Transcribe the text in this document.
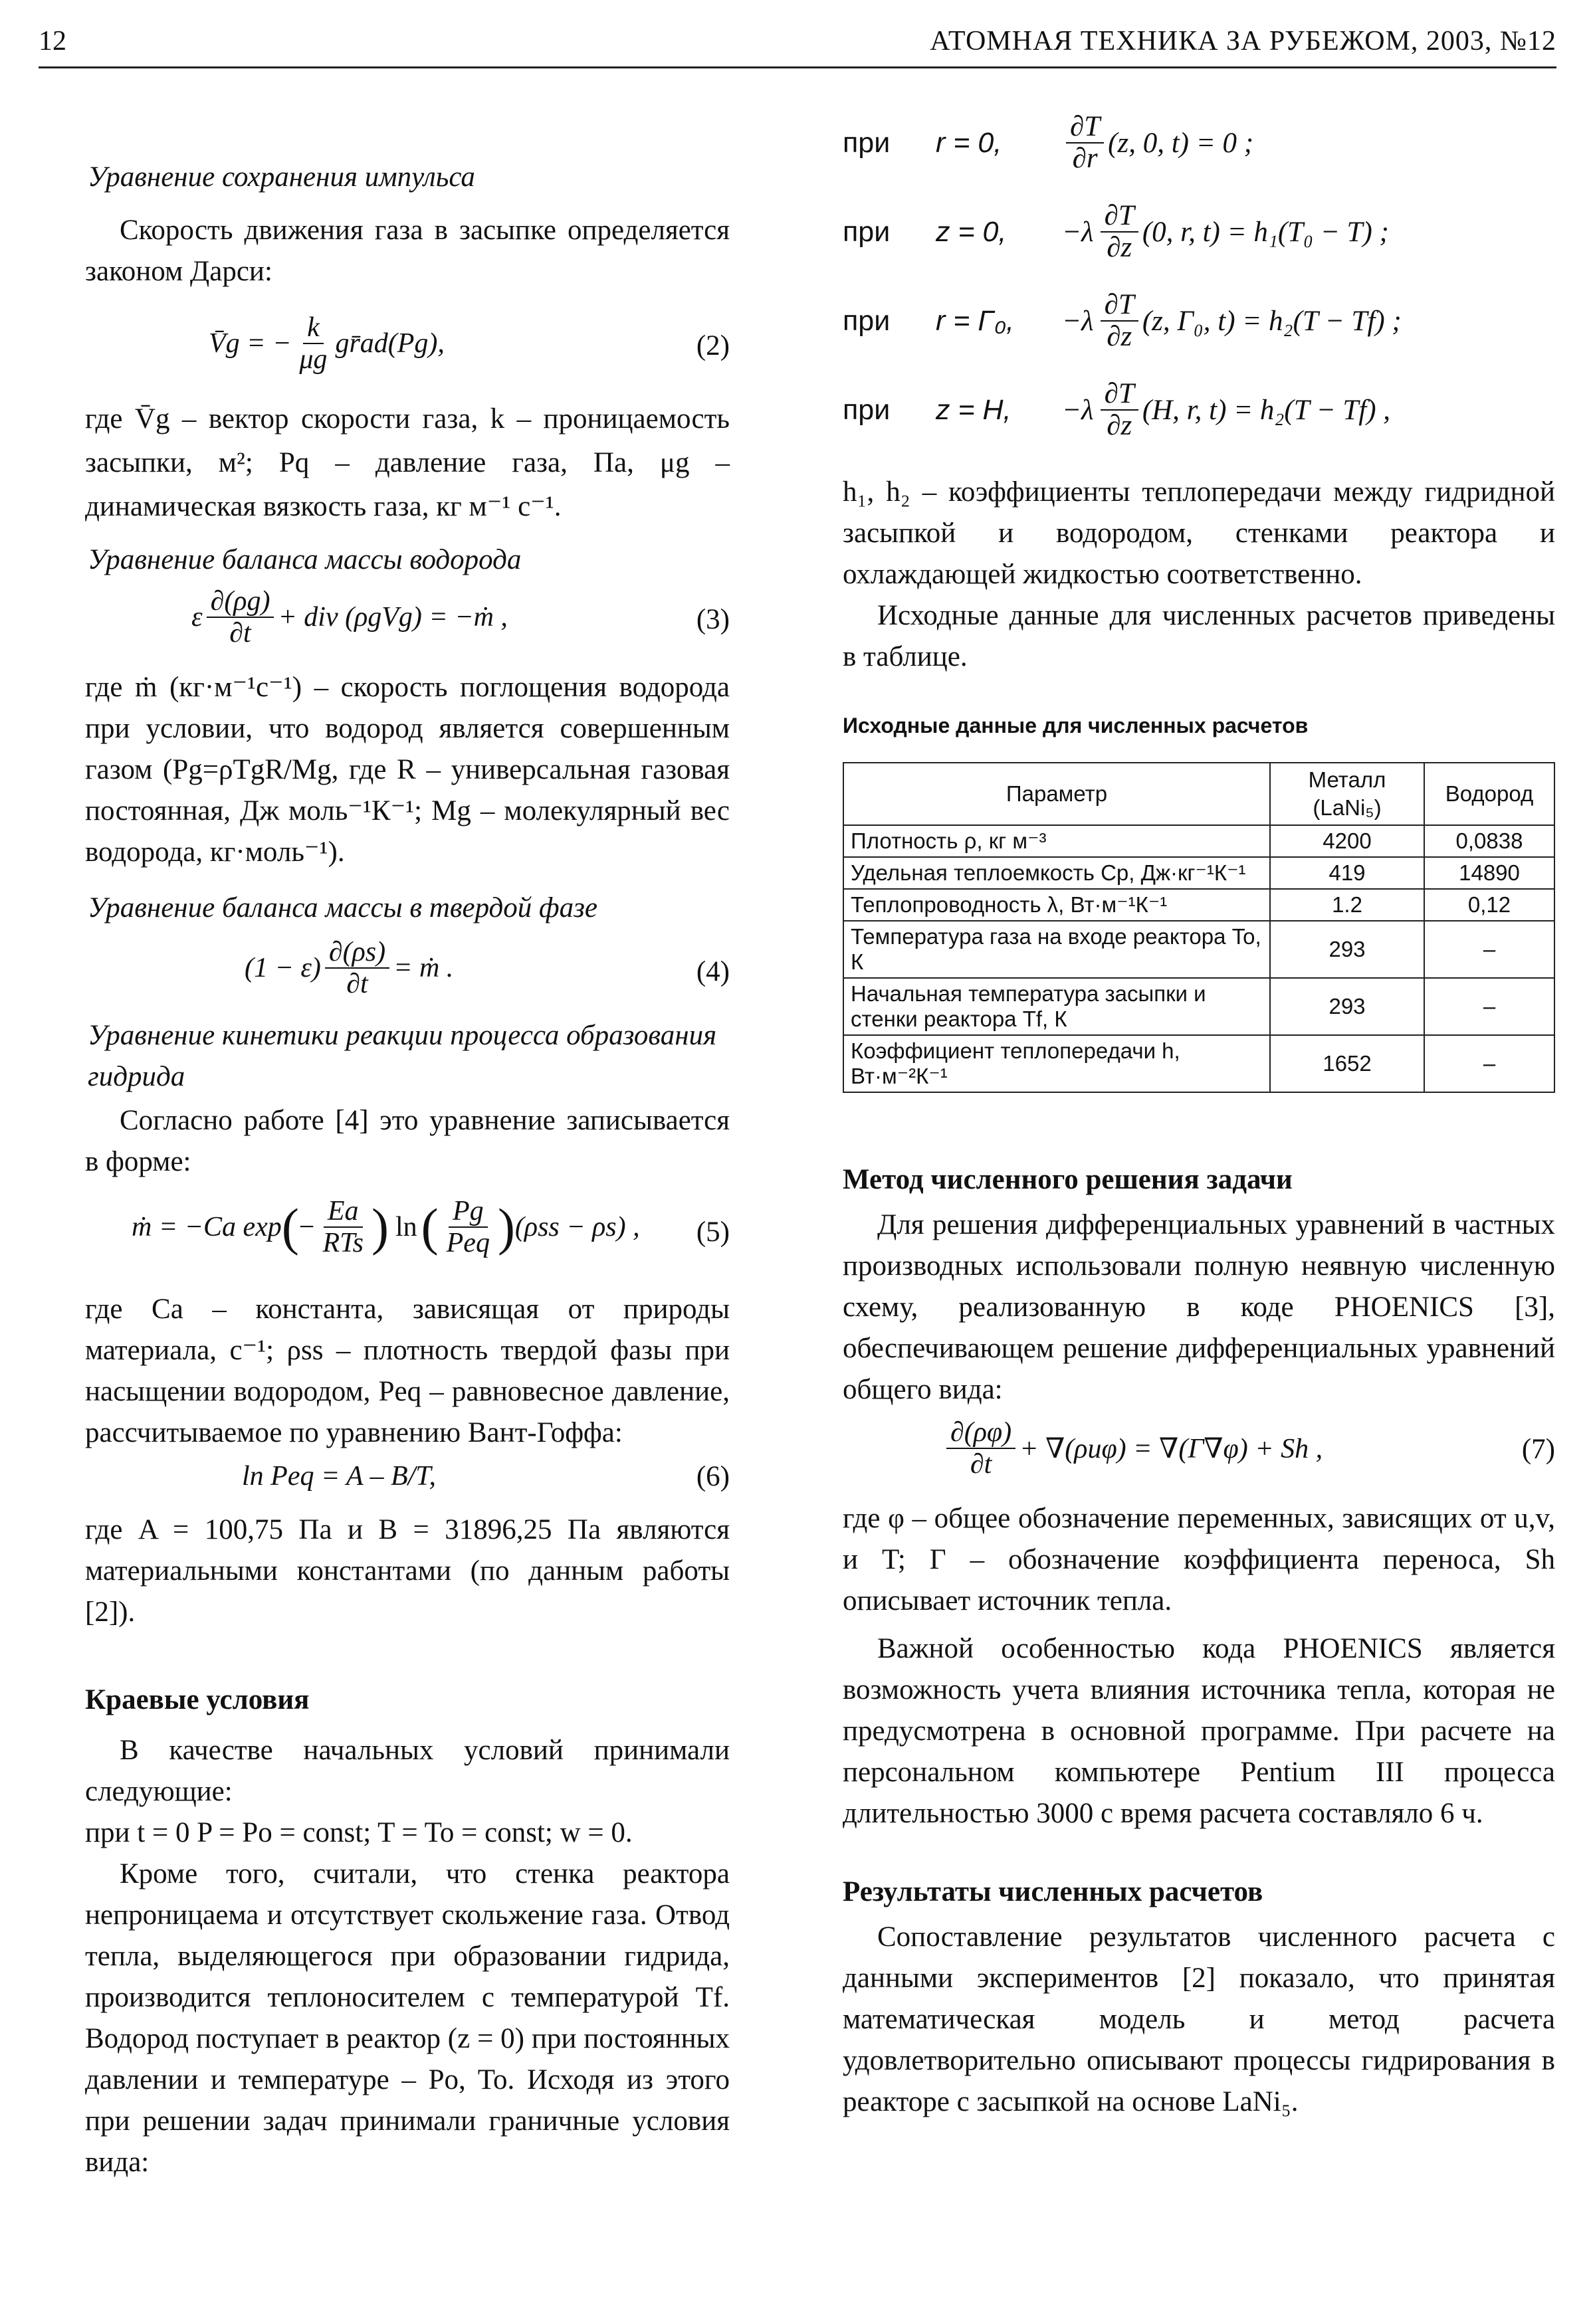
12	АТОМНАЯ ТЕХНИКА ЗА РУБЕЖОМ, 2003, №12

Уравнение сохранения импульса

Скорость движения газа в засыпке определяется законом Дарси:

V̄g = − $\frac{k}{\mu g}$ gr̄ad(Pg),	(2)

где V̄g – вектор скорости газа, k – проницаемость засыпки, м²; Pq – давление газа, Па, μg – динамическая вязкость газа, кг м⁻¹ с⁻¹.

Уравнение баланса массы водорода

ε $\frac{\partial(\rho g)}{\partial t}$ + div (ρgVg) = −ṁ ,	(3)

где ṁ (кг·м⁻¹с⁻¹) – скорость поглощения водорода при условии, что водород является совершенным газом (Pg=ρTgR/Mg, где R – универсальная газовая постоянная, Дж моль⁻¹К⁻¹; Mg – молекулярный вес водорода, кг·моль⁻¹).

Уравнение баланса массы в твердой фазе

$(1 - \varepsilon) \frac{\partial(\rho s)}{\partial t}$ = ṁ .	(4)

Уравнение кинетики реакции процесса образования гидрида

Согласно работе [4] это уравнение записывается в форме:

ṁ = −Ca exp ( − $\frac{Ea}{\text{RTs}}$ ) ln ( $\frac{Pg}{\text{Peq}}$ ) (ρss − ρs) , (5)

где Ca – константа, зависящая от природы материала, с⁻¹; ρss – плотность твердой фазы при насыщении водородом, Peq – равновесное давление, рассчитываемое по уравнению Вант-Гоффа:

ln Peq = A – B/T,	(6)

где A = 100,75 Па и B = 31896,25 Па являются материальными константами (по данным работы [2]).

Краевые условия

В качестве начальных условий принимали следующие:

при t = 0 P = Po = const; T = To = const; w = 0.

Кроме того, считали, что стенка реактора непроницаема и отсутствует скольжение газа. Отвод тепла, выделяющегося при образовании гидрида, производится теплоносителем с температурой Tf. Водород поступает в реактор (z = 0) при постоянных давлении и температуре – Po, To. Исходя из этого при решении задач принимали граничные условия вида:

при	r = 0,	$\frac{\partial T}{\partial r} (z$, 0, t) = 0 ;
при	z = 0,	$-\lambda \frac{\partial T}{\partial z} (0$, r, t) = h₁(T₀ − T) ;
при	r = Γ₀,	$-\lambda \frac{\partial T}{\partial z} (z$, Γ₀, t) = h₂(T − Tf) ;
при	z = H,	$-\lambda \frac{\partial T}{\partial z} (H$, r, t) = h₂(T − Tf) ,

h₁, h₂ – коэффициенты теплопередачи между гидридной засыпкой и водородом, стенками реактора и охлаждающей жидкостью соответственно.

Исходные данные для численных расчетов приведены в таблице.

Исходные данные для численных расчетов

Параметр	Металл (LaNi₅)	Водород
Плотность ρ, кг м⁻³	4200	0,0838
Удельная теплоемкость Cp, Дж·кг⁻¹К⁻¹	419	14890
Теплопроводность λ, Вт·м⁻¹К⁻¹	1.2	0,12
Температура газа на входе реактора To, К	293	–
Начальная температура засыпки и стенки реактора Tf, К	293	–
Коэффициент теплопередачи h, Вт·м⁻²К⁻¹	1652	–

Метод численного решения задачи

Для решения дифференциальных уравнений в частных производных использовали полную неявную численную схему, реализованную в коде PHOENICS [3], обеспечивающем решение дифференциальных уравнений общего вида:

$\frac{\partial(\rho\varphi)}{\partial t} + \nabla(\rho u\varphi) = \nabla(\Gamma\nabla\varphi) + Sh$ ,	(7)

где φ – общее обозначение переменных, зависящих от u,v, и T; Γ – обозначение коэффициента переноса, Sh описывает источник тепла.

Важной особенностью кода PHOENICS является возможность учета влияния источника тепла, которая не предусмотрена в основной программе. При расчете на персональном компьютере Pentium III процесса длительностью 3000 с время расчета составляло 6 ч.

Результаты численных расчетов

Сопоставление результатов численного расчета с данными экспериментов [2] показало, что принятая математическая модель и метод расчета удовлетворительно описывают процессы гидрирования в реакторе с засыпкой на основе LaNi₅.
